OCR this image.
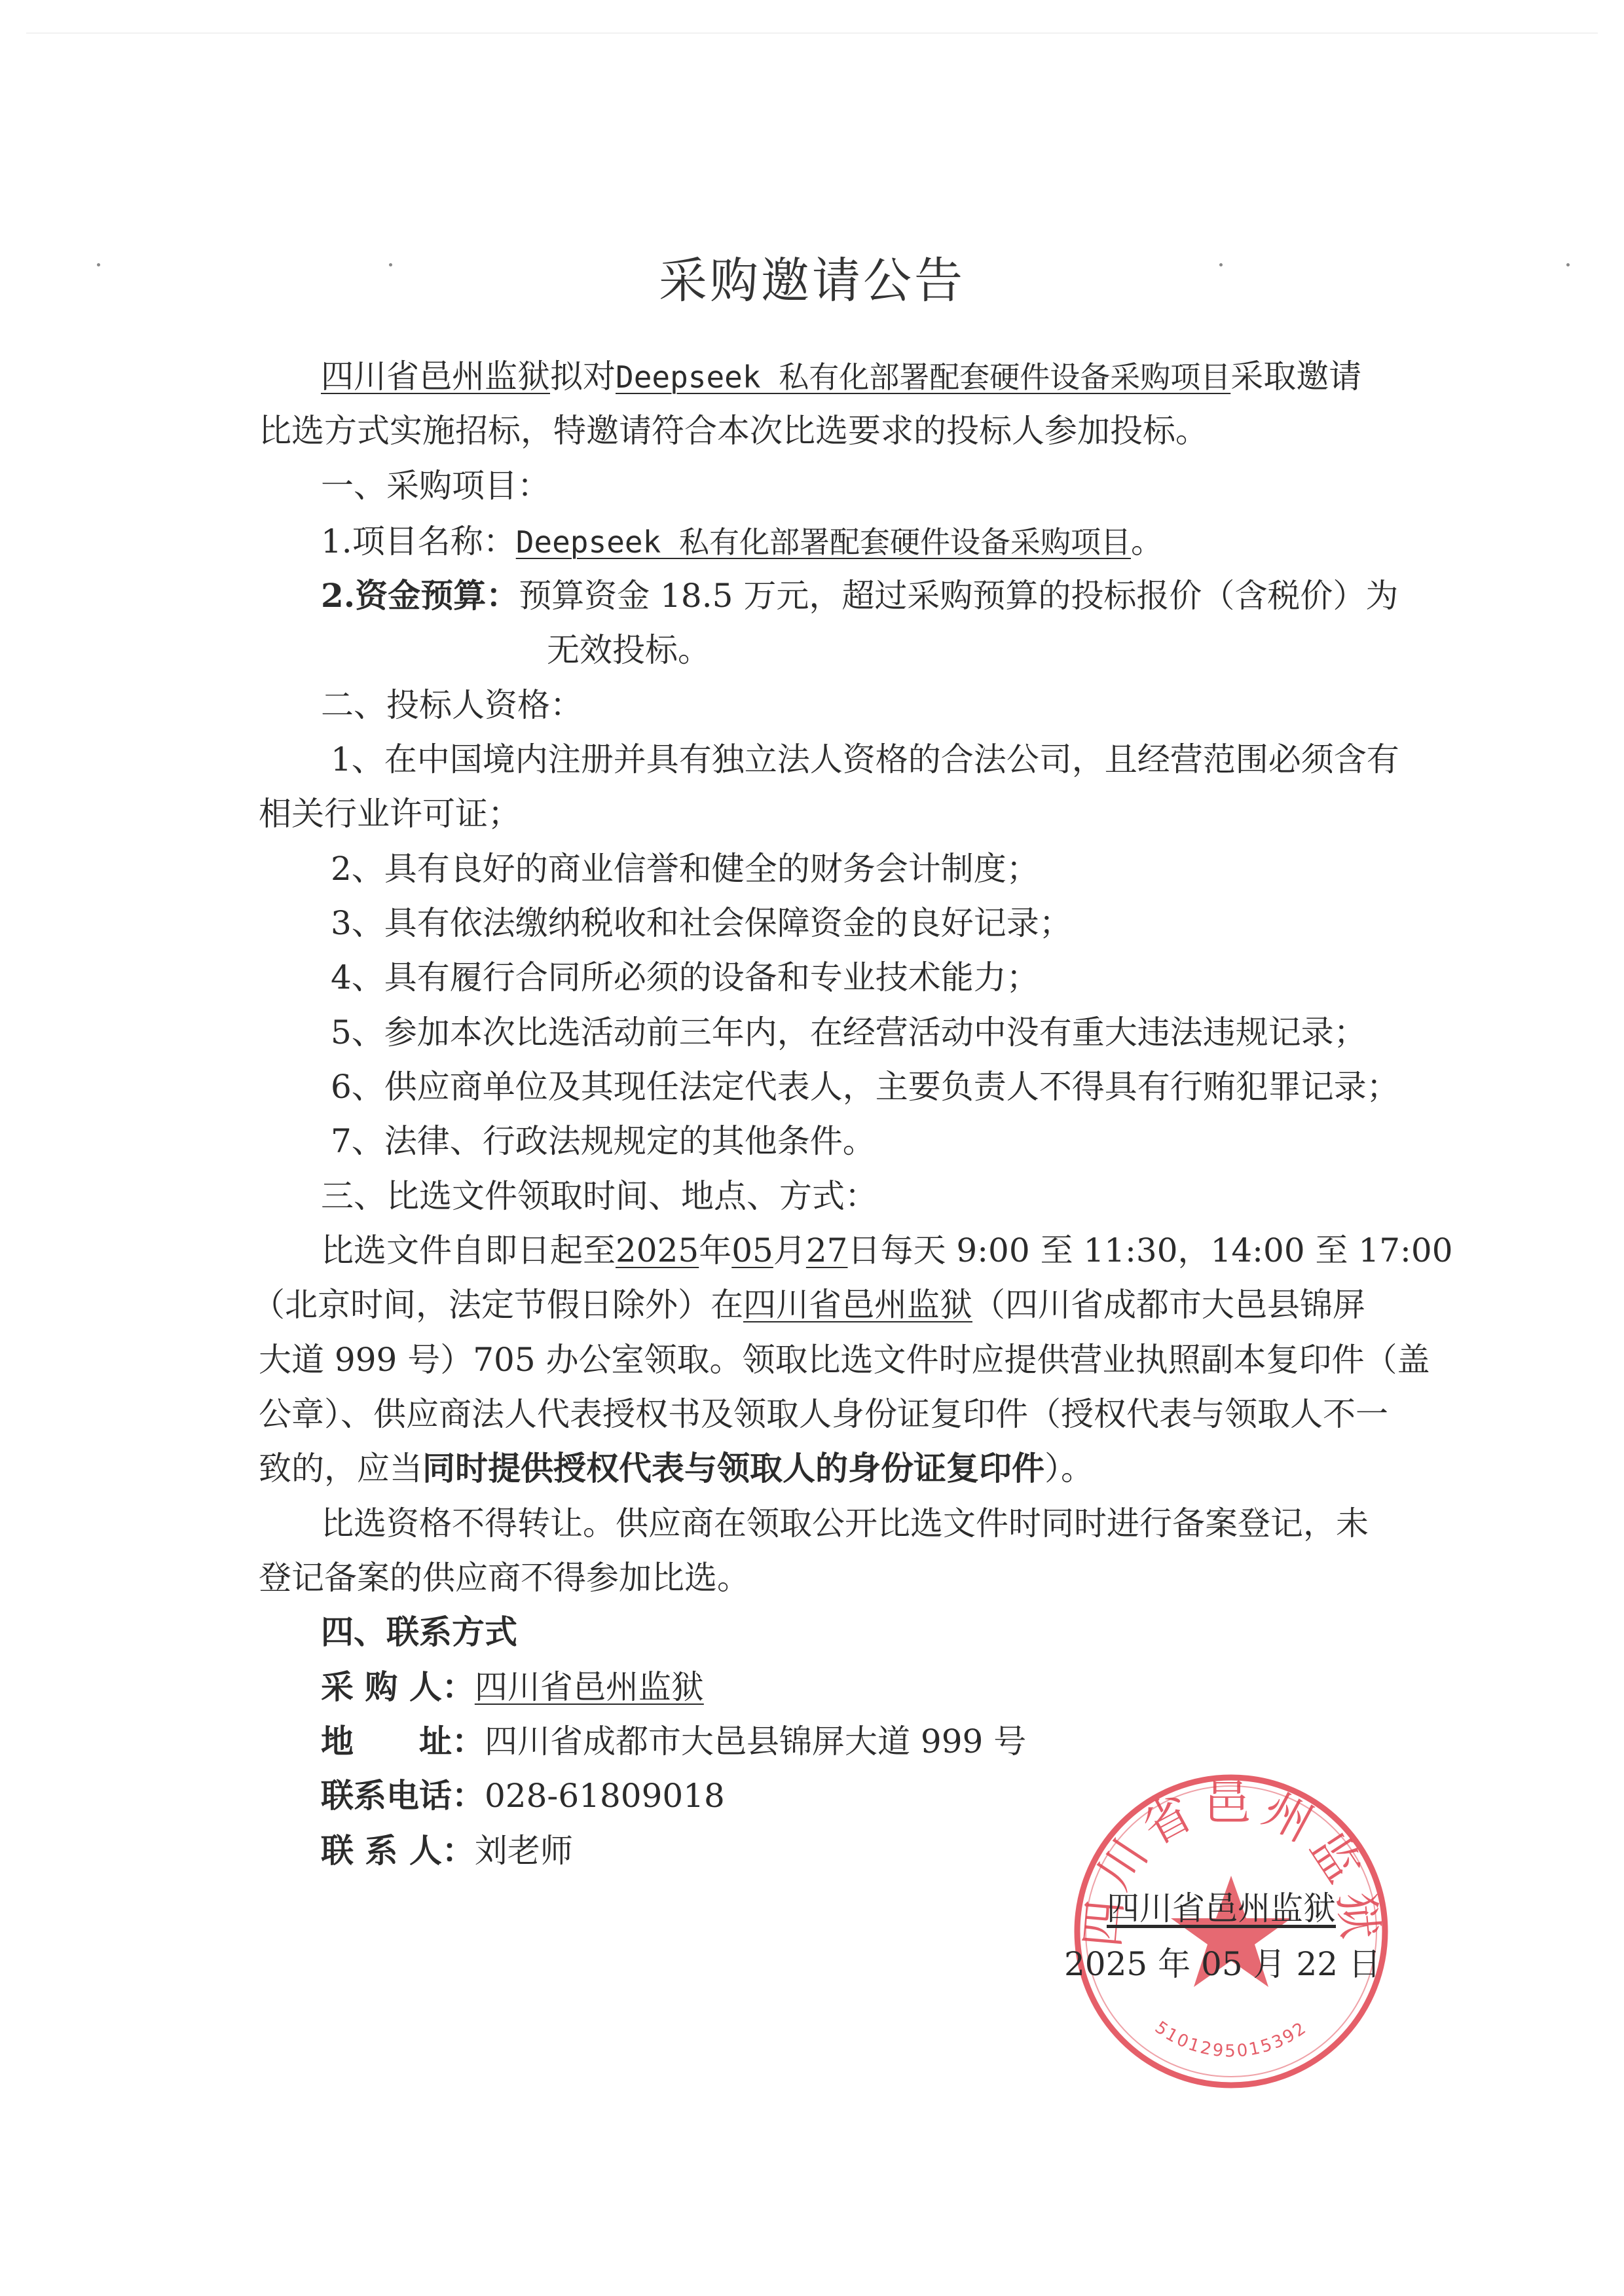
采购邀请公告
四川省邑州监狱拟对Deepseek 私有化部署配套硬件设备采购项目采取邀请
比选方式实施招标，特邀请符合本次比选要求的投标人参加投标。
一、采购项目：
1.项目名称：Deepseek 私有化部署配套硬件设备采购项目。
2.资金预算：预算资金 18.5 万元，超过采购预算的投标报价（含税价）为
无效投标。
二、投标人资格：
1、在中国境内注册并具有独立法人资格的合法公司，且经营范围必须含有
相关行业许可证；
2、具有良好的商业信誉和健全的财务会计制度；
3、具有依法缴纳税收和社会保障资金的良好记录；
4、具有履行合同所必须的设备和专业技术能力；
5、参加本次比选活动前三年内，在经营活动中没有重大违法违规记录；
6、供应商单位及其现任法定代表人，主要负责人不得具有行贿犯罪记录；
7、法律、行政法规规定的其他条件。
三、比选文件领取时间、地点、方式：
比选文件自即日起至2025年05月27日每天 9:00 至 11:30，14:00 至 17:00
（北京时间，法定节假日除外）在四川省邑州监狱（四川省成都市大邑县锦屏
大道 999 号）705 办公室领取。领取比选文件时应提供营业执照副本复印件（盖
公章）、供应商法人代表授权书及领取人身份证复印件（授权代表与领取人不一
致的，应当同时提供授权代表与领取人的身份证复印件）。
比选资格不得转让。供应商在领取公开比选文件时同时进行备案登记，未
登记备案的供应商不得参加比选。
四、联系方式
采 购 人：四川省邑州监狱
地　　址：四川省成都市大邑县锦屏大道 999 号
联系电话：028-61809018
联 系 人：刘老师
四川省邑州监狱
5101295015392
四川省邑州监狱
2025 年 05 月 22 日
